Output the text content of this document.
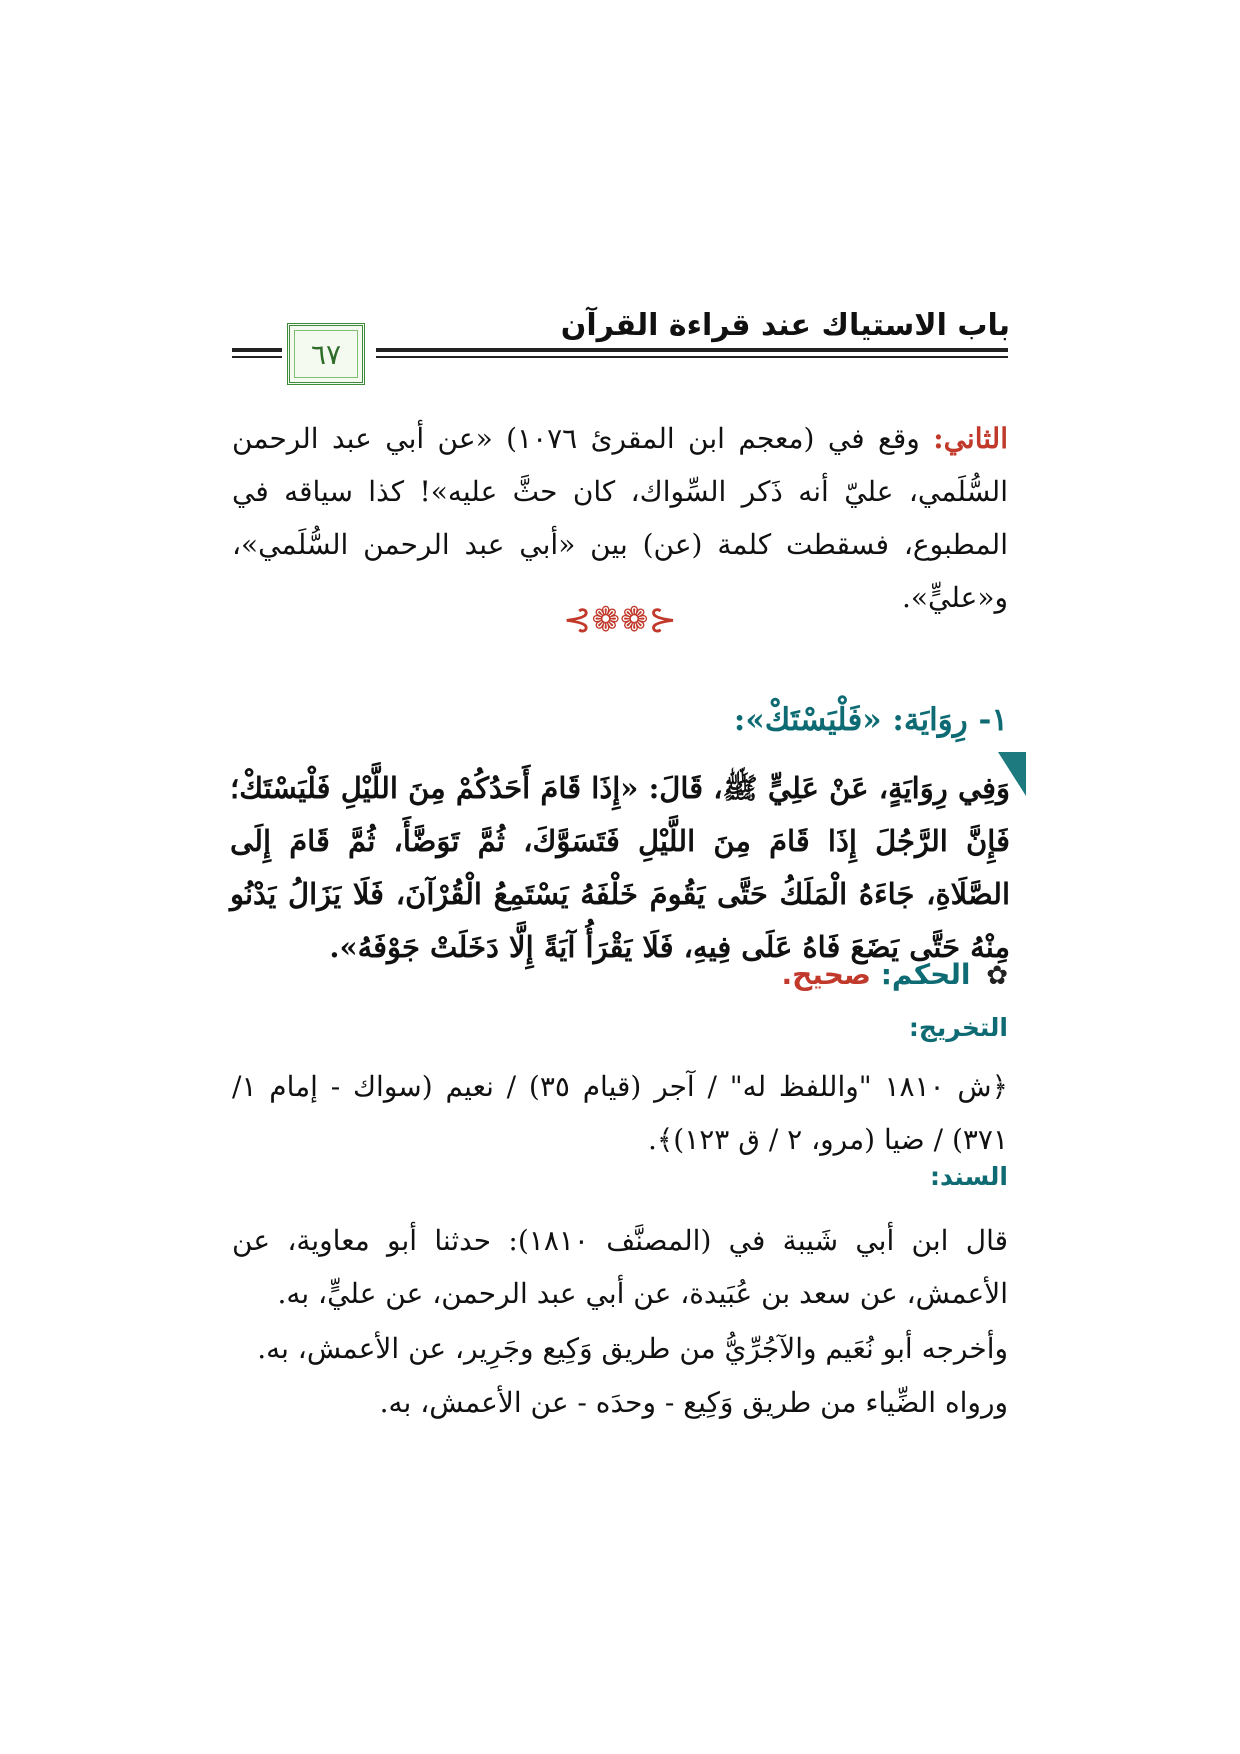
باب الاستياك عند قراءة القرآن
٦٧
الثاني: وقع في (معجم ابن المقرئ ١٠٧٦) «عن أبي عبد الرحمن السُّلَمي، عليّ أنه ذَكر السِّواك، كان حثَّ عليه»! كذا سياقه في المطبوع، فسقطت كلمة (عن) بين «أبي عبد الرحمن السُّلَمي»، و«عليٍّ».
⊰❁❁⊱
١- رِوَايَة: «فَلْيَسْتَكْ»:
وَفِي رِوَايَةٍ، عَنْ عَلِيٍّ ﷺ، قَالَ: «إِذَا قَامَ أَحَدُكُمْ مِنَ اللَّيْلِ فَلْيَسْتَكْ؛ فَإِنَّ الرَّجُلَ إِذَا قَامَ مِنَ اللَّيْلِ فَتَسَوَّكَ، ثُمَّ تَوَضَّأَ، ثُمَّ قَامَ إِلَى الصَّلَاةِ، جَاءَهُ الْمَلَكُ حَتَّى يَقُومَ خَلْفَهُ يَسْتَمِعُ الْقُرْآنَ، فَلَا يَزَالُ يَدْنُو مِنْهُ حَتَّى يَضَعَ فَاهُ عَلَى فِيهِ، فَلَا يَقْرَأُ آيَةً إِلَّا دَخَلَتْ جَوْفَهُ».
✿ الحكم: صحيح.
التخريج:
﴿ش ١٨١٠ "واللفظ له" / آجر (قيام ٣٥) / نعيم (سواك - إمام ١/ ٣٧١) / ضيا (مرو، ٢ / ق ١٢٣)﴾.
السند:
قال ابن أبي شَيبة في (المصنَّف ١٨١٠): حدثنا أبو معاوية، عن الأعمش، عن سعد بن عُبَيدة، عن أبي عبد الرحمن، عن عليٍّ، به.
وأخرجه أبو نُعَيم والآجُرِّيُّ من طريق وَكِيع وجَرِير، عن الأعمش، به.
ورواه الضِّياء من طريق وَكِيع - وحدَه - عن الأعمش، به.
